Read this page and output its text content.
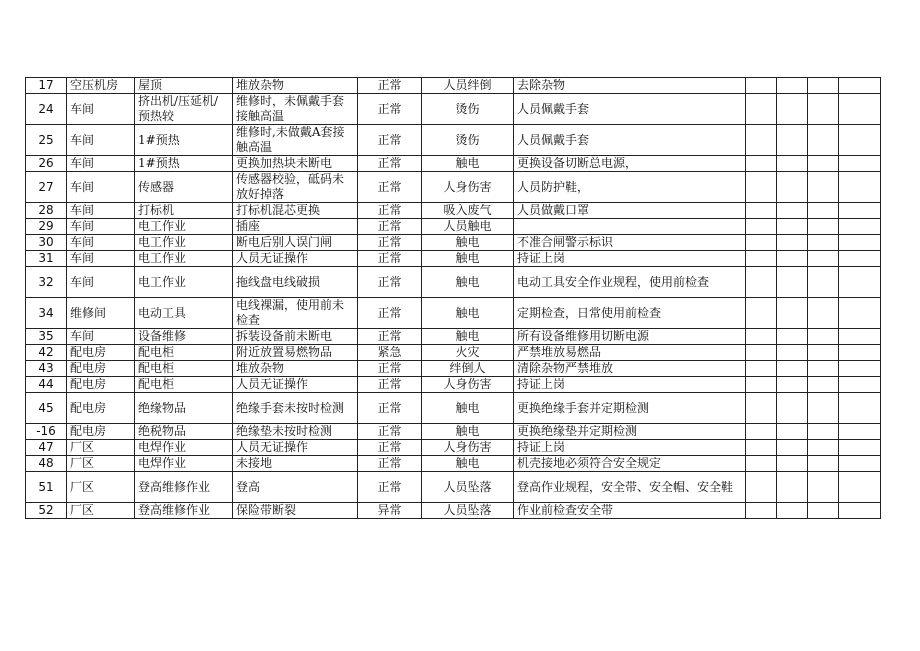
17	空压机房	屋顶	堆放杂物	正常	人员绊倒	去除杂物				
24	车间	挤出机/压延机/预热较	维修时，未佩戴手套接触高温	正常	烫伤	人员佩戴手套				
25	车间	1#预热	维修时,未做戴A套接触高温	正常	烫伤	人员佩戴手套				
26	车间	1#预热	更换加热块未断电	正常	触电	更换设备切断总电源，				
27	车间	传感器	传感器校验，砥码未放好掉落	正常	人身伤害	人员防护鞋，				
28	车间	打标机	打标机混芯更换	正常	吸入废气	人员做戴口罩				
29	车间	电工作业	插座	正常	人员触电					
30	车间	电工作业	断电后别人误门闸	正常	触电	不准合闸警示标识				
31	车间	电工作业	人员无证操作	正常	触电	持证上岗				
32	车间	电工作业	拖线盘电线破损	正常	触电	电动工具安全作业规程，使用前检查				
34	维修间	电动工具	电线裸漏，使用前未检查	正常	触电	定期检查，日常使用前检查				
35	车间	设备维修	拆装设备前未断电	正常	触电	所有设备维修用切断电源				
42	配电房	配电柜	附近放置易燃物品	紧急	火灾	严禁堆放易燃品				
43	配电房	配电柜	堆放杂物	正常	绊倒人	清除杂物严禁堆放				
44	配电房	配电柜	人员无证操作	正常	人身伤害	持证上岗				
45	配电房	绝缘物品	绝缘手套未按时检测	正常	触电	更换绝缘手套并定期检测				
-16	配电房	绝税物品	绝缘垫未按时检测	正常	触电	更换绝缘垫并定期检测				
47	厂区	电焊作业	人员无证操作	正常	人身伤害	持证上岗				
48	厂区	电焊作业	未接地	正常	触电	机壳接地必须符合安全规定				
51	厂区	登高维修作业	登高	正常	人员坠落	登高作业规程，安全带、安全帽、安全鞋				
52	厂区	登高维修作业	保险带断裂	异常	人员坠落	作业前检查安全带				
